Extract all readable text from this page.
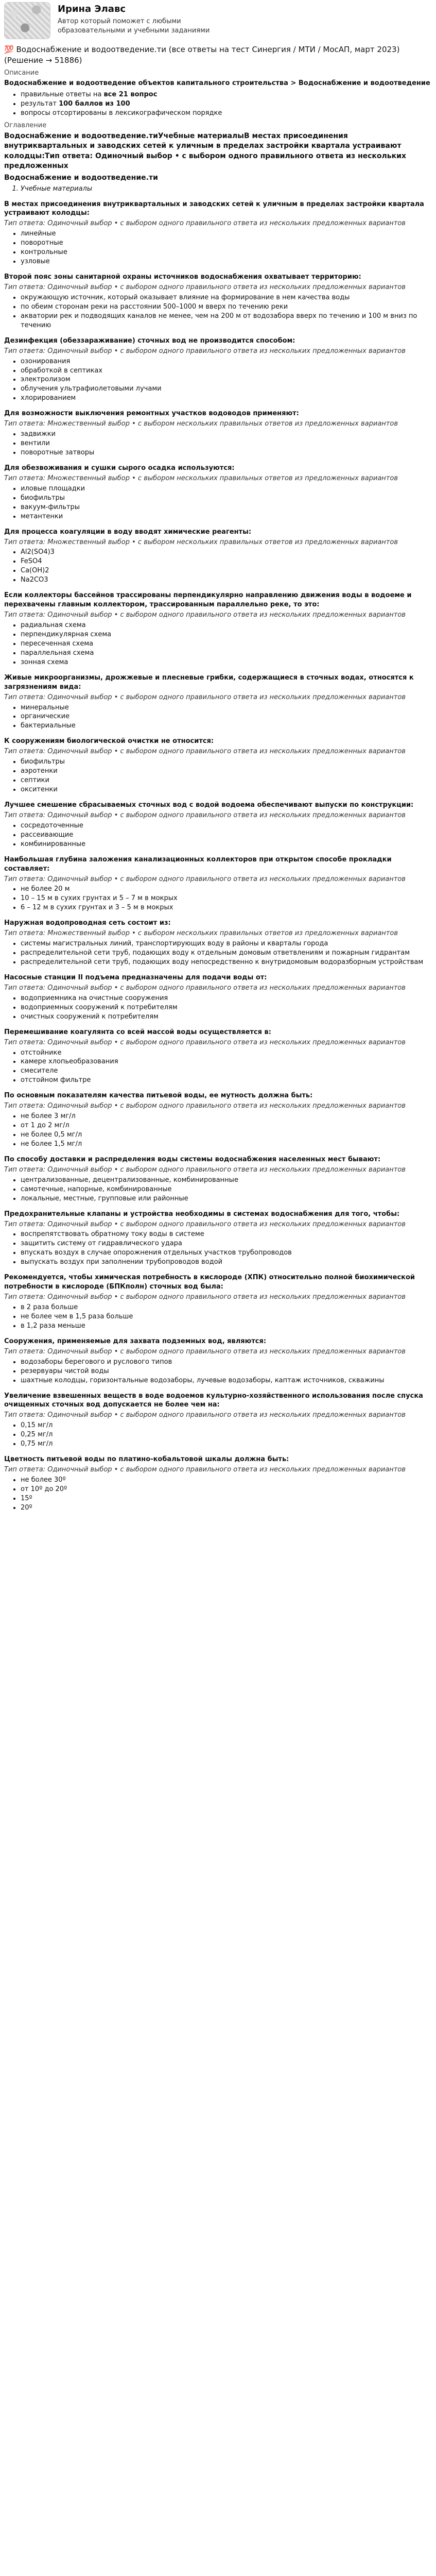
Ирина Элавс
Автор который поможет с любыми образовательными и учебными заданиями
💯 Водоснабжение и водоотведение.ти (все ответы на тест Синергия / МТИ / МосАП, март 2023) (Решение → 51886)
Описание
Водоснабжение и водоотведение объектов капитального строительства > Водоснабжение и водоотведение
• правильные ответы на все 21 вопрос
• результат 100 баллов из 100
• вопросы отсортированы в лексикографическом порядке
Оглавление
Водоснабжение и водоотведение.тиУчебные материалыВ местах присоединения внутриквартальных и заводских сетей к уличным в пределах застройки квартала устраивают колодцы:Тип ответа: Одиночный выбор • с выбором одного правильного ответа из нескольких предложенных
Водоснабжение и водоотведение.ти
1. Учебные материалы
В местах присоединения внутриквартальных и заводских сетей к уличным в пределах застройки квартала устраивают колодцы:
Тип ответа: Одиночный выбор • с выбором одного правильного ответа из нескольких предложенных вариантов
• линейные
• поворотные
• контрольные
• узловые
Второй пояс зоны санитарной охраны источников водоснабжения охватывает территорию:
Тип ответа: Одиночный выбор • с выбором одного правильного ответа из нескольких предложенных вариантов
• окружающую источник, который оказывает влияние на формирование в нем качества воды
• по обеим сторонам реки на расстоянии 500–1000 м вверх по течению реки
• акватории рек и подводящих каналов не менее, чем на 200 м от водозабора вверх по течению и 100 м вниз по течению
Дезинфекция (обеззараживание) сточных вод не производится способом:
Тип ответа: Одиночный выбор • с выбором одного правильного ответа из нескольких предложенных вариантов
• озонирования
• обработкой в септиках
• электролизом
• облучения ультрафиолетовыми лучами
• хлорированием
Для возможности выключения ремонтных участков водоводов применяют:
Тип ответа: Множественный выбор • с выбором нескольких правильных ответов из предложенных вариантов
• задвижки
• вентили
• поворотные затворы
Для обезвоживания и сушки сырого осадка используются:
Тип ответа: Множественный выбор • с выбором нескольких правильных ответов из предложенных вариантов
• иловые площадки
• биофильтры
• вакуум-фильтры
• метантенки
Для процесса коагуляции в воду вводят химические реагенты:
Тип ответа: Множественный выбор • с выбором нескольких правильных ответов из предложенных вариантов
• Al2(SO4)3
• FeSO4
• Ca(OH)2
• Na2CO3
Если коллекторы бассейнов трассированы перпендикулярно направлению движения воды в водоеме и перехвачены главным коллектором, трассированным параллельно реке, то это:
Тип ответа: Одиночный выбор • с выбором одного правильного ответа из нескольких предложенных вариантов
• радиальная схема
• перпендикулярная схема
• пересеченная схема
• параллельная схема
• зонная схема
Живые микроорганизмы, дрожжевые и плесневые грибки, содержащиеся в сточных водах, относятся к загрязнениям вида:
Тип ответа: Одиночный выбор • с выбором одного правильного ответа из нескольких предложенных вариантов
• минеральные
• органические
• бактериальные
К сооружениям биологической очистки не относится:
Тип ответа: Одиночный выбор • с выбором одного правильного ответа из нескольких предложенных вариантов
• биофильтры
• аэротенки
• септики
• окситенки
Лучшее смешение сбрасываемых сточных вод с водой водоема обеспечивают выпуски по конструкции:
Тип ответа: Одиночный выбор • с выбором одного правильного ответа из нескольких предложенных вариантов
• сосредоточенные
• рассеивающие
• комбинированные
Наибольшая глубина заложения канализационных коллекторов при открытом способе прокладки составляет:
Тип ответа: Одиночный выбор • с выбором одного правильного ответа из нескольких предложенных вариантов
• не более 20 м
• 10 – 15 м в сухих грунтах и 5 – 7 м в мокрых
• 6 – 12 м в сухих грунтах и 3 – 5 м в мокрых
Наружная водопроводная сеть состоит из:
Тип ответа: Множественный выбор • с выбором нескольких правильных ответов из предложенных вариантов
• системы магистральных линий, транспортирующих воду в районы и кварталы города
• распределительной сети труб, подающих воду к отдельным домовым ответвлениям и пожарным гидрантам
• распределительной сети труб, подающих воду непосредственно к внутридомовым водоразборным устройствам
Насосные станции II подъема предназначены для подачи воды от:
Тип ответа: Одиночный выбор • с выбором одного правильного ответа из нескольких предложенных вариантов
• водоприемника на очистные сооружения
• водоприемных сооружений к потребителям
• очистных сооружений к потребителям
Перемешивание коагулянта со всей массой воды осуществляется в:
Тип ответа: Одиночный выбор • с выбором одного правильного ответа из нескольких предложенных вариантов
• отстойнике
• камере хлопьеобразования
• смесителе
• отстойном фильтре
По основным показателям качества питьевой воды, ее мутность должна быть:
Тип ответа: Одиночный выбор • с выбором одного правильного ответа из нескольких предложенных вариантов
• не более 3 мг/л
• от 1 до 2 мг/л
• не более 0,5 мг/л
• не более 1,5 мг/л
По способу доставки и распределения воды системы водоснабжения населенных мест бывают:
Тип ответа: Одиночный выбор • с выбором одного правильного ответа из нескольких предложенных вариантов
• централизованные, децентрализованные, комбинированные
• самотечные, напорные, комбинированные
• локальные, местные, групповые или районные
Предохранительные клапаны и устройства необходимы в системах водоснабжения для того, чтобы:
Тип ответа: Одиночный выбор • с выбором одного правильного ответа из нескольких предложенных вариантов
• воспрепятствовать обратному току воды в системе
• защитить систему от гидравлического удара
• впускать воздух в случае опорожнения отдельных участков трубопроводов
• выпускать воздух при заполнении трубопроводов водой
Рекомендуется, чтобы химическая потребность в кислороде (ХПК) относительно полной биохимической потребности в кислороде (БПКполн) сточных вод была:
Тип ответа: Одиночный выбор • с выбором одного правильного ответа из нескольких предложенных вариантов
• в 2 раза больше
• не более чем в 1,5 раза больше
• в 1,2 раза меньше
Сооружения, применяемые для захвата подземных вод, являются:
Тип ответа: Одиночный выбор • с выбором одного правильного ответа из нескольких предложенных вариантов
• водозаборы берегового и руслового типов
• резервуары чистой воды
• шахтные колодцы, горизонтальные водозаборы, лучевые водозаборы, каптаж источников, скважины
Увеличение взвешенных веществ в воде водоемов культурно-хозяйственного использования после спуска очищенных сточных вод допускается не более чем на:
Тип ответа: Одиночный выбор • с выбором одного правильного ответа из нескольких предложенных вариантов
• 0,15 мг/л
• 0,25 мг/л
• 0,75 мг/л
Цветность питьевой воды по платино-кобальтовой шкалы должна быть:
Тип ответа: Одиночный выбор • с выбором одного правильного ответа из нескольких предложенных вариантов
• не более 30º
• от 10º до 20º
• 15º
• 20º
